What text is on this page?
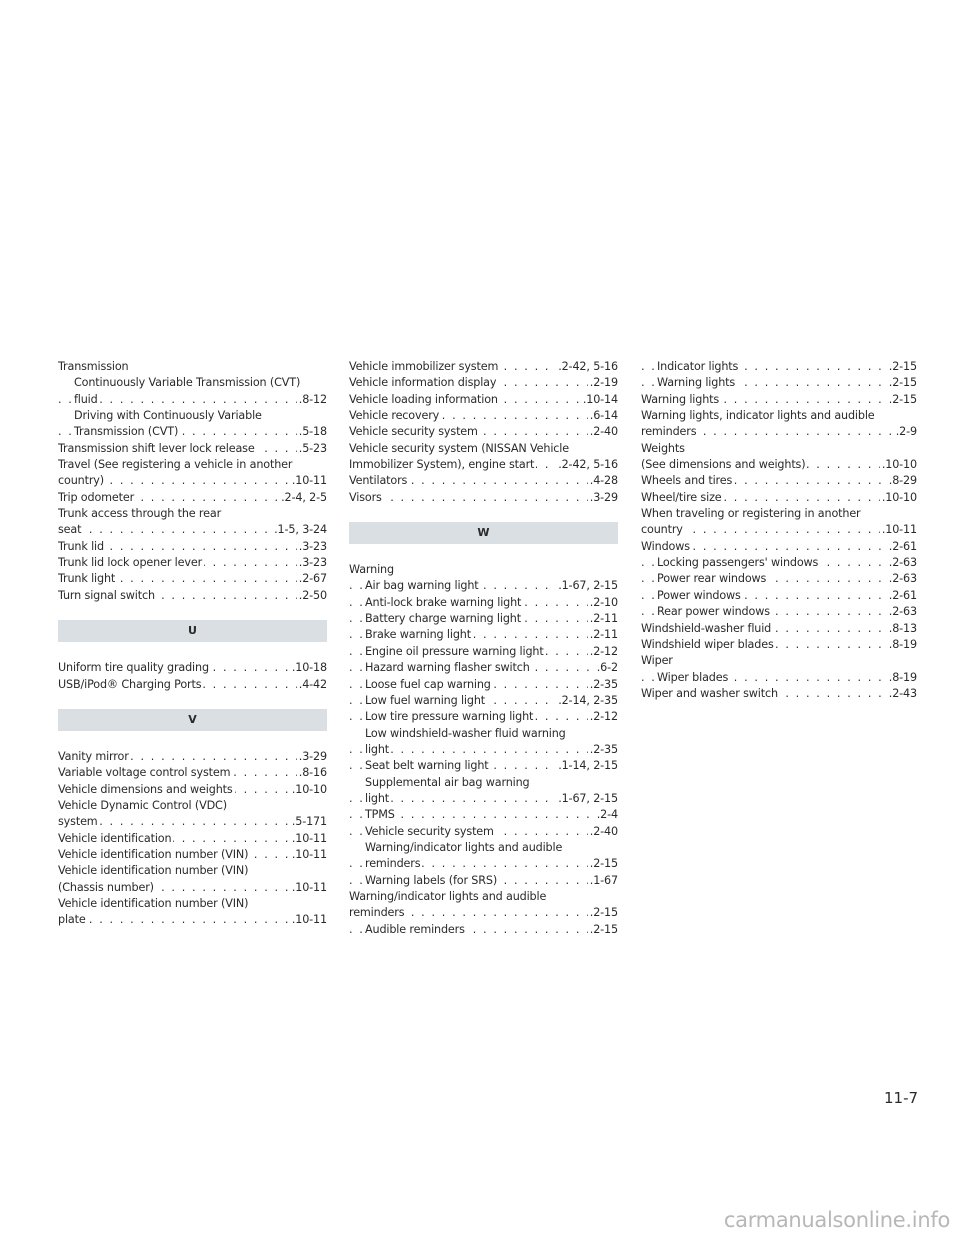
Transmission
Continuously Variable Transmission (CVT)
. . . fluid	.8-12
Driving with Continuously Variable
. . . Transmission (CVT)	.5-18
. . . Transmission shift lever lock release	.5-23
Travel (See registering a vehicle in another
. . . country)	.10-11
. . . Trip odometer	.2-4, 2-5
Trunk access through the rear
. . . seat	.1-5, 3-24
. . . Trunk lid	.3-23
. . . Trunk lid lock opener lever	.3-23
. . . Trunk light	.2-67
. . . Turn signal switch	.2-50
U
. . . Uniform tire quality grading	.10-18
. . . USB/iPod® Charging Ports	.4-42
V
. . . Vanity mirror	.3-29
. . . Variable voltage control system	.8-16
. . . Vehicle dimensions and weights	.10-10
Vehicle Dynamic Control (VDC)
. . . system	.5-171
. . . Vehicle identification	.10-11
. . . Vehicle identification number (VIN)	.10-11
Vehicle identification number (VIN)
. . . (Chassis number)	.10-11
Vehicle identification number (VIN)
. . . plate	.10-11
. . . Vehicle immobilizer system	.2-42, 5-16
. . . Vehicle information display	.2-19
. . . Vehicle loading information	.10-14
. . . Vehicle recovery	.6-14
. . . Vehicle security system	.2-40
Vehicle security system (NISSAN Vehicle
. . . Immobilizer System), engine start .2-42, 5-16
. . . Ventilators	.4-28
. . . Visors	.3-29
W
Warning
. . . Air bag warning light	.1-67, 2-15
. . . Anti-lock brake warning light	.2-10
. . . Battery charge warning light	.2-11
. . . Brake warning light	.2-11
. . . Engine oil pressure warning light	.2-12
. . . Hazard warning flasher switch	.6-2
. . . Loose fuel cap warning	.2-35
. . . Low fuel warning light	.2-14, 2-35
. . . Low tire pressure warning light	.2-12
Low windshield-washer fluid warning
. . . light	.2-35
. . . Seat belt warning light	.1-14, 2-15
Supplemental air bag warning
. . . light	.1-67, 2-15
. . . TPMS	.2-4
. . . Vehicle security system	.2-40
Warning/indicator lights and audible
. . . reminders	.2-15
. . . Warning labels (for SRS)	.1-67
Warning/indicator lights and audible
. . . reminders	.2-15
. . . Audible reminders	.2-15
. . . Indicator lights	.2-15
. . . Warning lights	.2-15
. . . Warning lights	.2-15
Warning lights, indicator lights and audible
. . . reminders	.2-9
Weights
. . . (See dimensions and weights)	.10-10
. . . Wheels and tires	.8-29
. . . Wheel/tire size	.10-10
When traveling or registering in another
. . . country	.10-11
. . . Windows	.2-61
. . . Locking passengers' windows	.2-63
. . . Power rear windows	.2-63
. . . Power windows	.2-61
. . . Rear power windows	.2-63
. . . Windshield-washer fluid	.8-13
. . . Windshield wiper blades	.8-19
Wiper
. . . Wiper blades	.8-19
. . . Wiper and washer switch	.2-43
11-7
carmanualsonline.info
